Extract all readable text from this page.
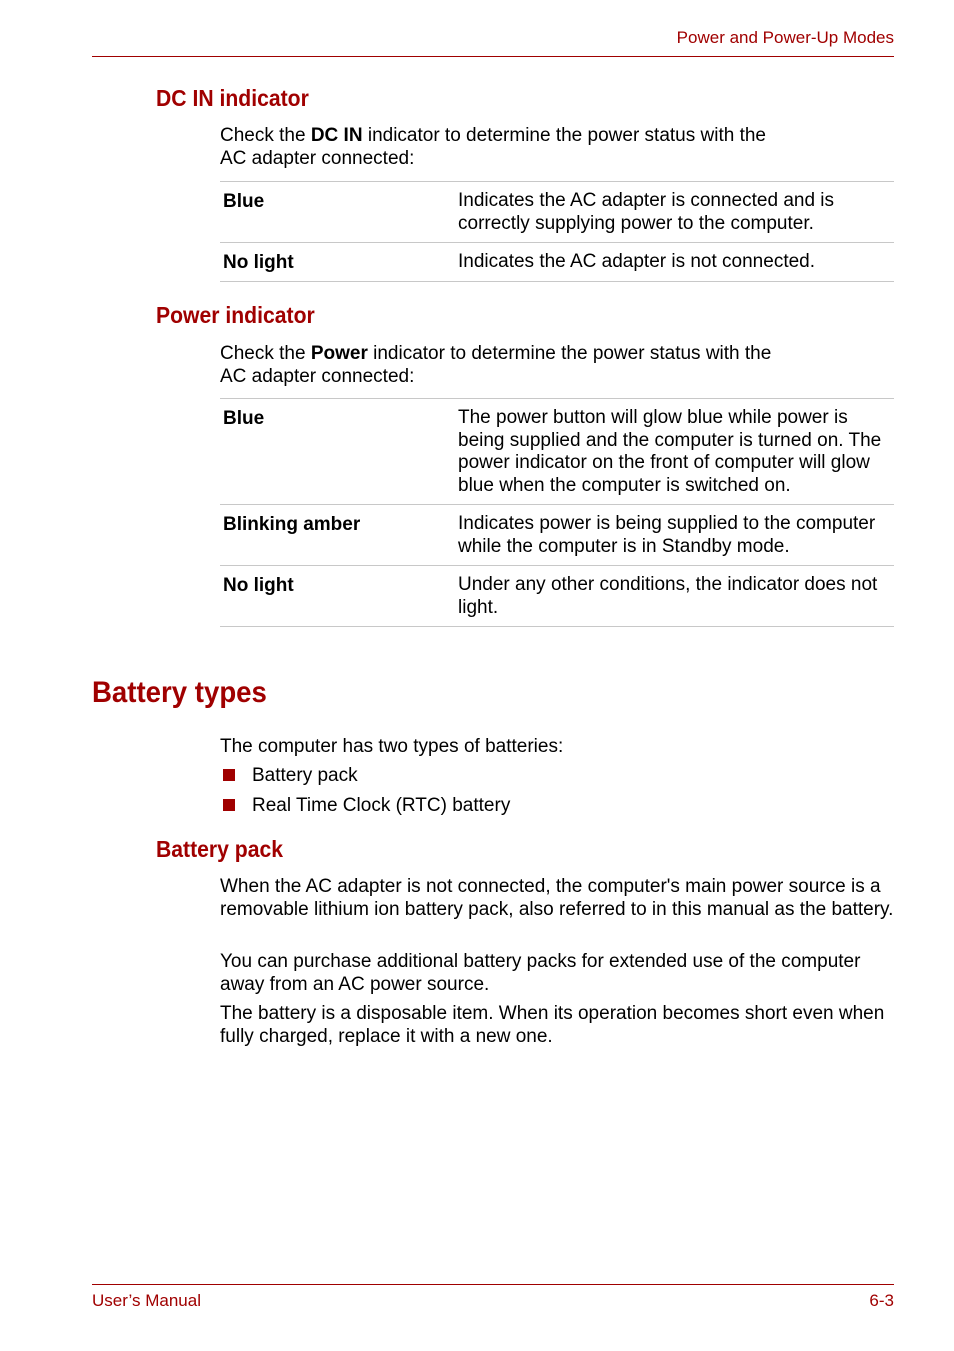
Power and Power-Up Modes
DC IN indicator

Check the DC IN indicator to determine the power status with the
AC adapter connected:

Blue	Indicates the AC adapter is connected and is correctly supplying power to the computer.
No light	Indicates the AC adapter is not connected.
Power indicator

Check the Power indicator to determine the power status with the
AC adapter connected:

Blue	The power button will glow blue while power is being supplied and the computer is turned on. The power indicator on the front of computer will glow blue when the computer is switched on.
Blinking amber	Indicates power is being supplied to the computer while the computer is in Standby mode.
No light	Under any other conditions, the indicator does not light.
Battery types

The computer has two types of batteries:

Battery pack
Real Time Clock (RTC) battery
Battery pack

When the AC adapter is not connected, the computer's main power source is a removable lithium ion battery pack, also referred to in this manual as the battery.

You can purchase additional battery packs for extended use of the computer away from an AC power source.

The battery is a disposable item. When its operation becomes short even when fully charged, replace it with a new one.

User’s Manual	6-3
